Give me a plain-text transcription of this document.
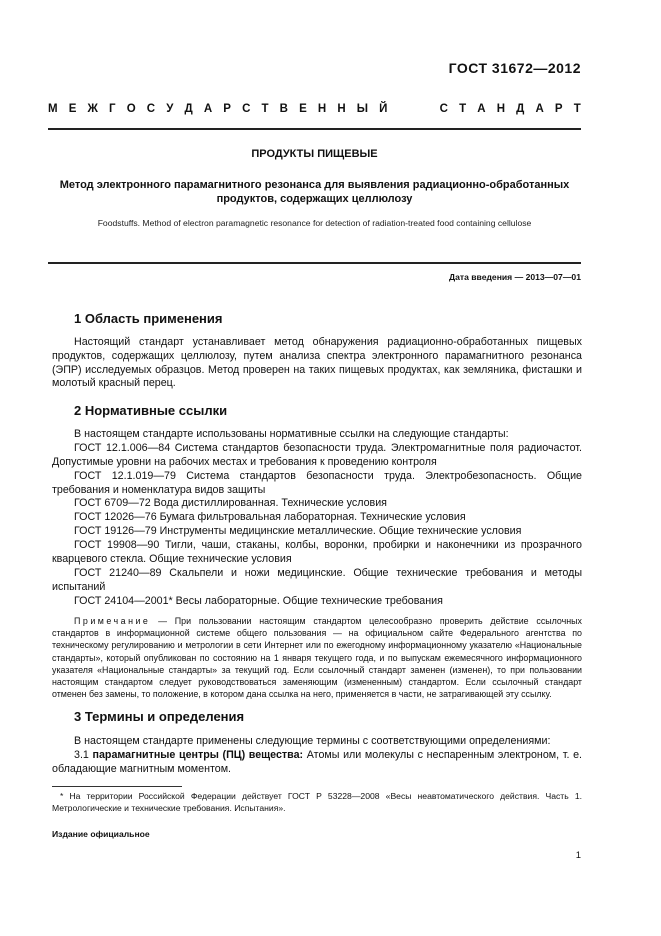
ГОСТ 31672—2012
М Е Ж Г О С У Д А Р С Т В Е Н Н Ы Й	С Т А Н Д А Р Т
ПРОДУКТЫ ПИЩЕВЫЕ
Метод электронного парамагнитного резонанса для выявления радиационно-обработанных продуктов, содержащих целлюлозу
Foodstuffs. Method of electron paramagnetic resonance for detection of radiation-treated food containing cellulose
Дата введения — 2013—07—01
1 Область применения

Настоящий стандарт устанавливает метод обнаружения радиационно-обработанных пищевых продуктов, содержащих целлюлозу, путем анализа спектра электронного парамагнитного резонанса (ЭПР) исследуемых образцов. Метод проверен на таких пищевых продуктах, как земляника, фисташки и молотый красный перец.

2 Нормативные ссылки

В настоящем стандарте использованы нормативные ссылки на следующие стандарты:

ГОСТ 12.1.006—84 Система стандартов безопасности труда. Электромагнитные поля радиочастот. Допустимые уровни на рабочих местах и требования к проведению контроля

ГОСТ 12.1.019—79 Система стандартов безопасности труда. Электробезопасность. Общие требования и номенклатура видов защиты

ГОСТ 6709—72 Вода дистиллированная. Технические условия

ГОСТ 12026—76 Бумага фильтровальная лабораторная. Технические условия

ГОСТ 19126—79 Инструменты медицинские металлические. Общие технические условия

ГОСТ 19908—90 Тигли, чаши, стаканы, колбы, воронки, пробирки и наконечники из прозрачного кварцевого стекла. Общие технические условия

ГОСТ 21240—89 Скальпели и ножи медицинские. Общие технические требования и методы испытаний

ГОСТ 24104—2001* Весы лабораторные. Общие технические требования

Примечание — При пользовании настоящим стандартом целесообразно проверить действие ссылочных стандартов в информационной системе общего пользования — на официальном сайте Федерального агентства по техническому регулированию и метрологии в сети Интернет или по ежегодному информационному указателю «Национальные стандарты», который опубликован по состоянию на 1 января текущего года, и по выпускам ежемесячного информационного указателя «Национальные стандарты» за текущий год. Если ссылочный стандарт заменен (изменен), то при пользовании настоящим стандартом следует руководствоваться заменяющим (измененным) стандартом. Если ссылочный стандарт отменен без замены, то положение, в котором дана ссылка на него, применяется в части, не затрагивающей эту ссылку.

3 Термины и определения

В настоящем стандарте применены следующие термины с соответствующими определениями:

3.1 парамагнитные центры (ПЦ) вещества: Атомы или молекулы с неспаренным электроном, т. е. обладающие магнитным моментом.

* На территории Российской Федерации действует ГОСТ Р 53228—2008 «Весы неавтоматического действия. Часть 1. Метрологические и технические требования. Испытания».

Издание официальное
1
